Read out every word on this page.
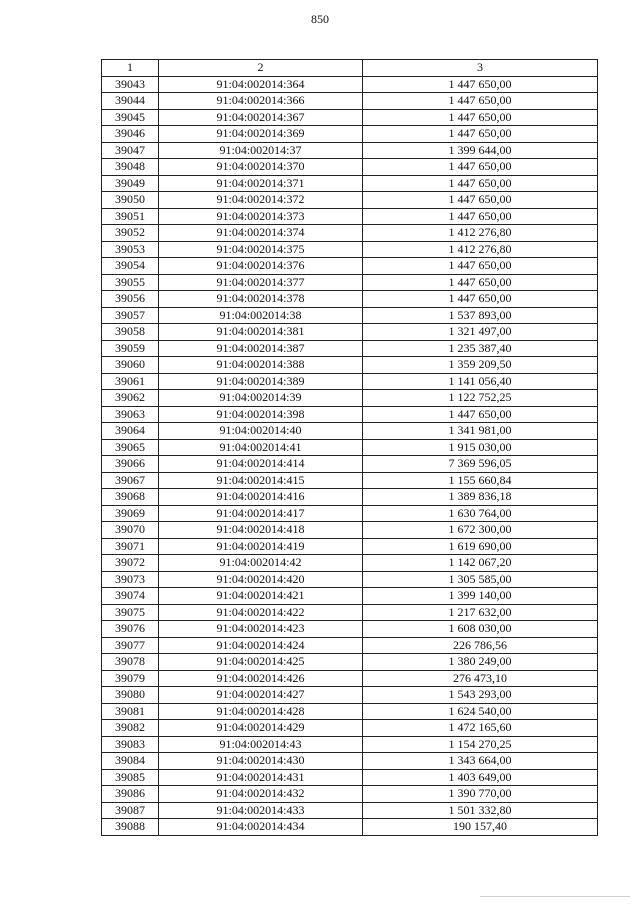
850
1	2	3
39043	91:04:002014:364	1 447 650,00
39044	91:04:002014:366	1 447 650,00
39045	91:04:002014:367	1 447 650,00
39046	91:04:002014:369	1 447 650,00
39047	91:04:002014:37	1 399 644,00
39048	91:04:002014:370	1 447 650,00
39049	91:04:002014:371	1 447 650,00
39050	91:04:002014:372	1 447 650,00
39051	91:04:002014:373	1 447 650,00
39052	91:04:002014:374	1 412 276,80
39053	91:04:002014:375	1 412 276,80
39054	91:04:002014:376	1 447 650,00
39055	91:04:002014:377	1 447 650,00
39056	91:04:002014:378	1 447 650,00
39057	91:04:002014:38	1 537 893,00
39058	91:04:002014:381	1 321 497,00
39059	91:04:002014:387	1 235 387,40
39060	91:04:002014:388	1 359 209,50
39061	91:04:002014:389	1 141 056,40
39062	91:04:002014:39	1 122 752,25
39063	91:04:002014:398	1 447 650,00
39064	91:04:002014:40	1 341 981,00
39065	91:04:002014:41	1 915 030,00
39066	91:04:002014:414	7 369 596,05
39067	91:04:002014:415	1 155 660,84
39068	91:04:002014:416	1 389 836,18
39069	91:04:002014:417	1 630 764,00
39070	91:04:002014:418	1 672 300,00
39071	91:04:002014:419	1 619 690,00
39072	91:04:002014:42	1 142 067,20
39073	91:04:002014:420	1 305 585,00
39074	91:04:002014:421	1 399 140,00
39075	91:04:002014:422	1 217 632,00
39076	91:04:002014:423	1 608 030,00
39077	91:04:002014:424	226 786,56
39078	91:04:002014:425	1 380 249,00
39079	91:04:002014:426	276 473,10
39080	91:04:002014:427	1 543 293,00
39081	91:04:002014:428	1 624 540,00
39082	91:04:002014:429	1 472 165,60
39083	91:04:002014:43	1 154 270,25
39084	91:04:002014:430	1 343 664,00
39085	91:04:002014:431	1 403 649,00
39086	91:04:002014:432	1 390 770,00
39087	91:04:002014:433	1 501 332,80
39088	91:04:002014:434	190 157,40
